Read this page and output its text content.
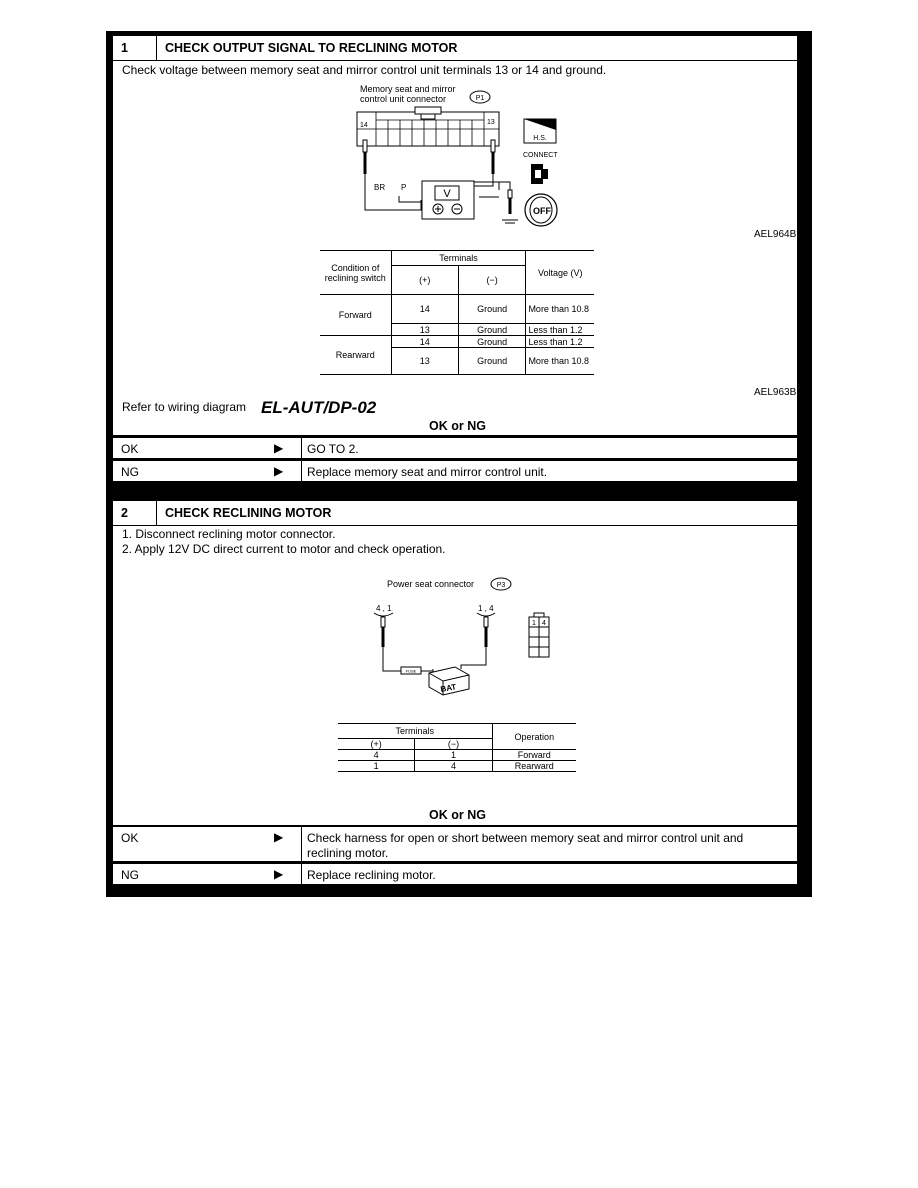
1	CHECK OUTPUT SIGNAL TO RECLINING MOTOR
Check voltage between memory seat and mirror control unit terminals 13 or 14 and ground.
Memory seat and mirror
control unit connector	P1
14	13
BR P
V
H.S.
CONNECT
OFF
AEL964B
Condition of reclining switch	Terminals		Voltage (V)
	(+)	(−)	
Forward	14	Ground	More than 10.8
	13	Ground	Less than 1.2
Rearward	14	Ground	Less than 1.2
	13	Ground	More than 10.8
AEL963B
Refer to wiring diagram EL-AUT/DP-02
OK or NG
OK	▶ GO TO 2.
NG	▶ Replace memory seat and mirror control unit.
2	CHECK RECLINING MOTOR
1. Disconnect reclining motor connector.
2. Apply 12V DC direct current to motor and check operation.
Power seat connector	P3
4 , 1	1 , 4
FUSE
BAT
1 4
Terminals		Operation
(+)	(−)	
4	1	Forward
1	4	Rearward
OK or NG
OK	▶ Check harness for open or short between memory seat and mirror control unit and reclining motor.
NG	▶ Replace reclining motor.
